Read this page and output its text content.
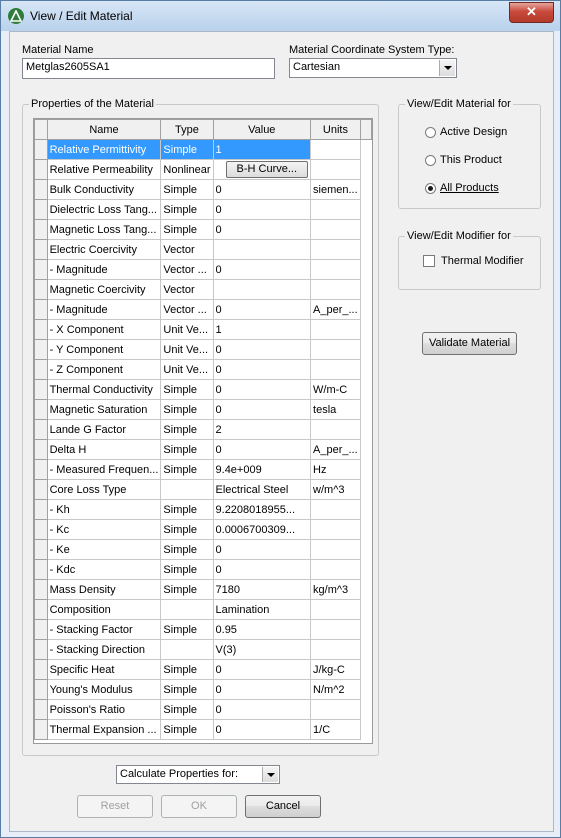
View / Edit Material	✕
Material Name
Metglas2605SA1
Material Coordinate System Type:
Cartesian
Properties of the Material
	Name	Type	Value	Units	
	Relative Permittivity	Simple	1		
	Relative Permeability	Nonlinear	B-H Curve...		
	Bulk Conductivity	Simple	0	siemen...	
	Dielectric Loss Tang...	Simple	0		
	Magnetic Loss Tang...	Simple	0		
	Electric Coercivity	Vector			
	- Magnitude	Vector ...	0		
	Magnetic Coercivity	Vector			
	- Magnitude	Vector ...	0	A_per_...	
	- X Component	Unit Ve...	1		
	- Y Component	Unit Ve...	0		
	- Z Component	Unit Ve...	0		
	Thermal Conductivity	Simple	0	W/m-C	
	Magnetic Saturation	Simple	0	tesla	
	Lande G Factor	Simple	2		
	Delta H	Simple	0	A_per_...	
	- Measured Frequen...	Simple	9.4e+009	Hz	
	Core Loss Type		Electrical Steel	w/m^3	
	- Kh	Simple	9.2208018955...		
	- Kc	Simple	0.0006700309...		
	- Ke	Simple	0		
	- Kdc	Simple	0		
	Mass Density	Simple	7180	kg/m^3	
	Composition		Lamination		
	- Stacking Factor	Simple	0.95		
	- Stacking Direction		V(3)		
	Specific Heat	Simple	0	J/kg-C	
	Young's Modulus	Simple	0	N/m^2	
	Poisson's Ratio	Simple	0		
	Thermal Expansion ...	Simple	0	1/C	
View/Edit Material for
Active Design
This Product
All Products
View/Edit Modifier for
Thermal Modifier
Validate Material
Calculate Properties for:
Reset	OK	Cancel
